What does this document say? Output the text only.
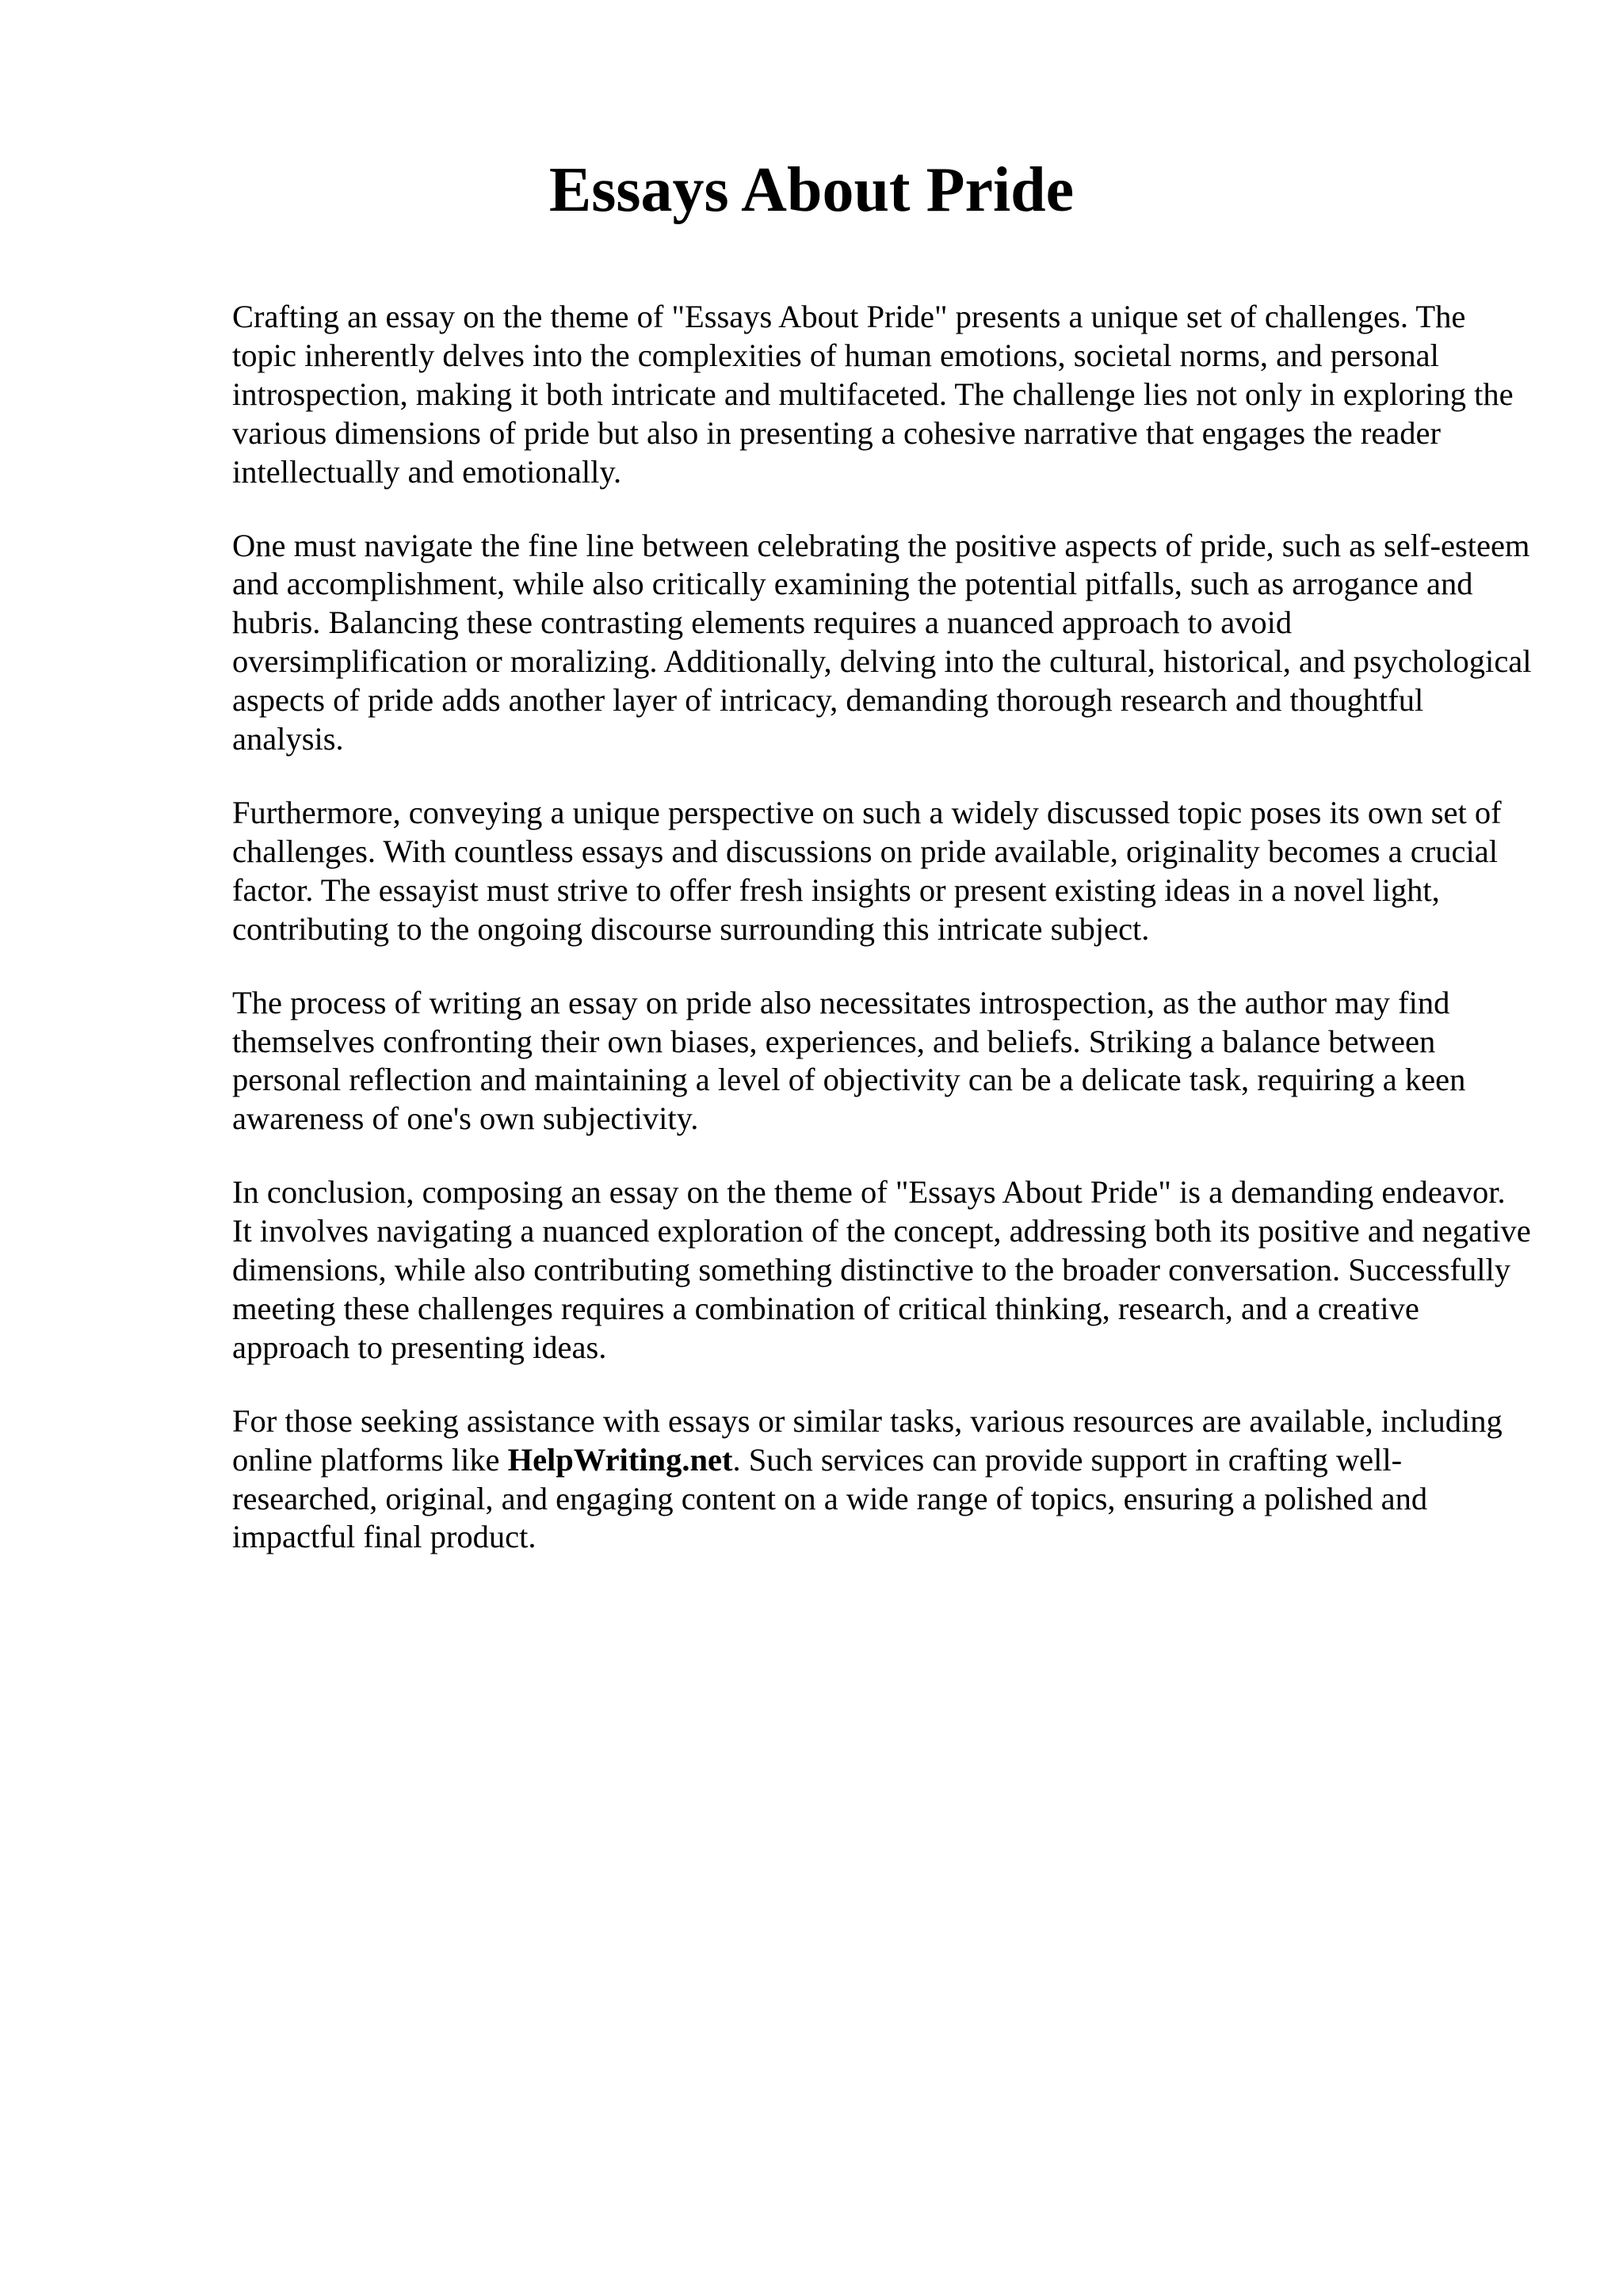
Essays About Pride

Crafting an essay on the theme of "Essays About Pride" presents a unique set of challenges. The topic inherently delves into the complexities of human emotions, societal norms, and personal introspection, making it both intricate and multifaceted. The challenge lies not only in exploring the various dimensions of pride but also in presenting a cohesive narrative that engages the reader intellectually and emotionally.

One must navigate the fine line between celebrating the positive aspects of pride, such as self-esteem and accomplishment, while also critically examining the potential pitfalls, such as arrogance and hubris. Balancing these contrasting elements requires a nuanced approach to avoid oversimplification or moralizing. Additionally, delving into the cultural, historical, and psychological aspects of pride adds another layer of intricacy, demanding thorough research and thoughtful analysis.

Furthermore, conveying a unique perspective on such a widely discussed topic poses its own set of challenges. With countless essays and discussions on pride available, originality becomes a crucial factor. The essayist must strive to offer fresh insights or present existing ideas in a novel light, contributing to the ongoing discourse surrounding this intricate subject.

The process of writing an essay on pride also necessitates introspection, as the author may find themselves confronting their own biases, experiences, and beliefs. Striking a balance between personal reflection and maintaining a level of objectivity can be a delicate task, requiring a keen awareness of one's own subjectivity.

In conclusion, composing an essay on the theme of "Essays About Pride" is a demanding endeavor. It involves navigating a nuanced exploration of the concept, addressing both its positive and negative dimensions, while also contributing something distinctive to the broader conversation. Successfully meeting these challenges requires a combination of critical thinking, research, and a creative approach to presenting ideas.

For those seeking assistance with essays or similar tasks, various resources are available, including online platforms like HelpWriting.net. Such services can provide support in crafting well-researched, original, and engaging content on a wide range of topics, ensuring a polished and impactful final product.
